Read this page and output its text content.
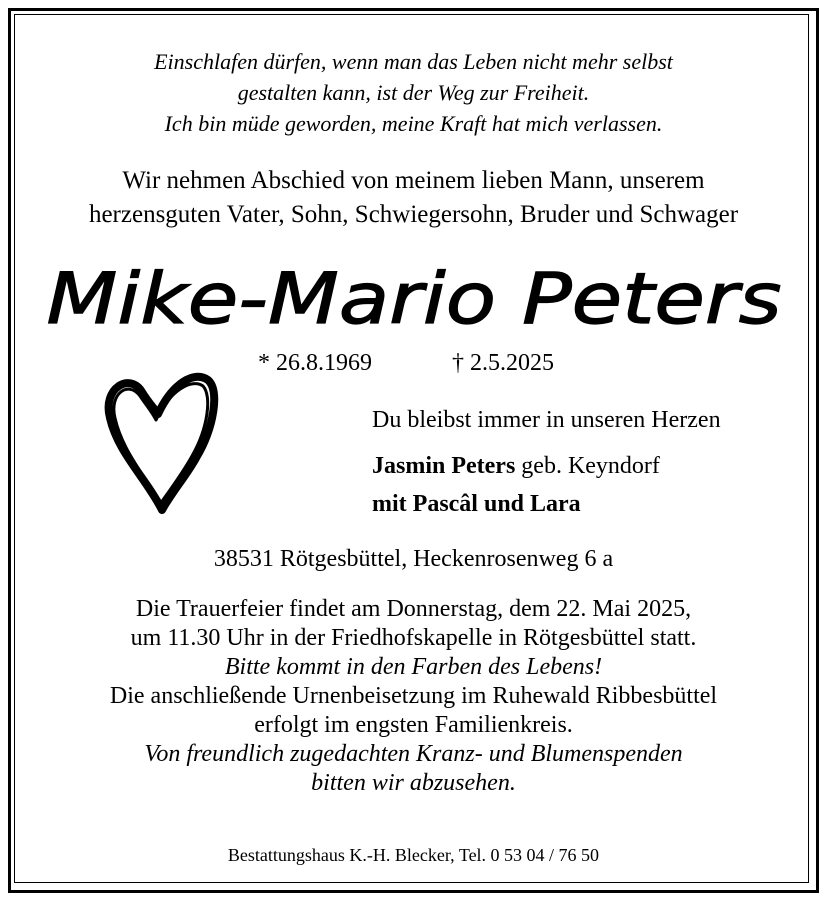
Einschlafen dürfen, wenn man das Leben nicht mehr selbst
gestalten kann, ist der Weg zur Freiheit.
Ich bin müde geworden, meine Kraft hat mich verlassen.
Wir nehmen Abschied von meinem lieben Mann, unserem
herzensguten Vater, Sohn, Schwiegersohn, Bruder und Schwager
Mike-Mario Peters
* 26.8.1969	† 2.5.2025
Du bleibst immer in unseren Herzen
Jasmin Peters geb. Keyndorf
mit Pascâl und Lara
38531 Rötgesbüttel, Heckenrosenweg 6 a
Die Trauerfeier findet am Donnerstag, dem 22. Mai 2025,
um 11.30 Uhr in der Friedhofskapelle in Rötgesbüttel statt.
Bitte kommt in den Farben des Lebens!
Die anschließende Urnenbeisetzung im Ruhewald Ribbesbüttel
erfolgt im engsten Familienkreis.
Von freundlich zugedachten Kranz- und Blumenspenden
bitten wir abzusehen.
Bestattungshaus K.-H. Blecker, Tel. 0 53 04 / 76 50
